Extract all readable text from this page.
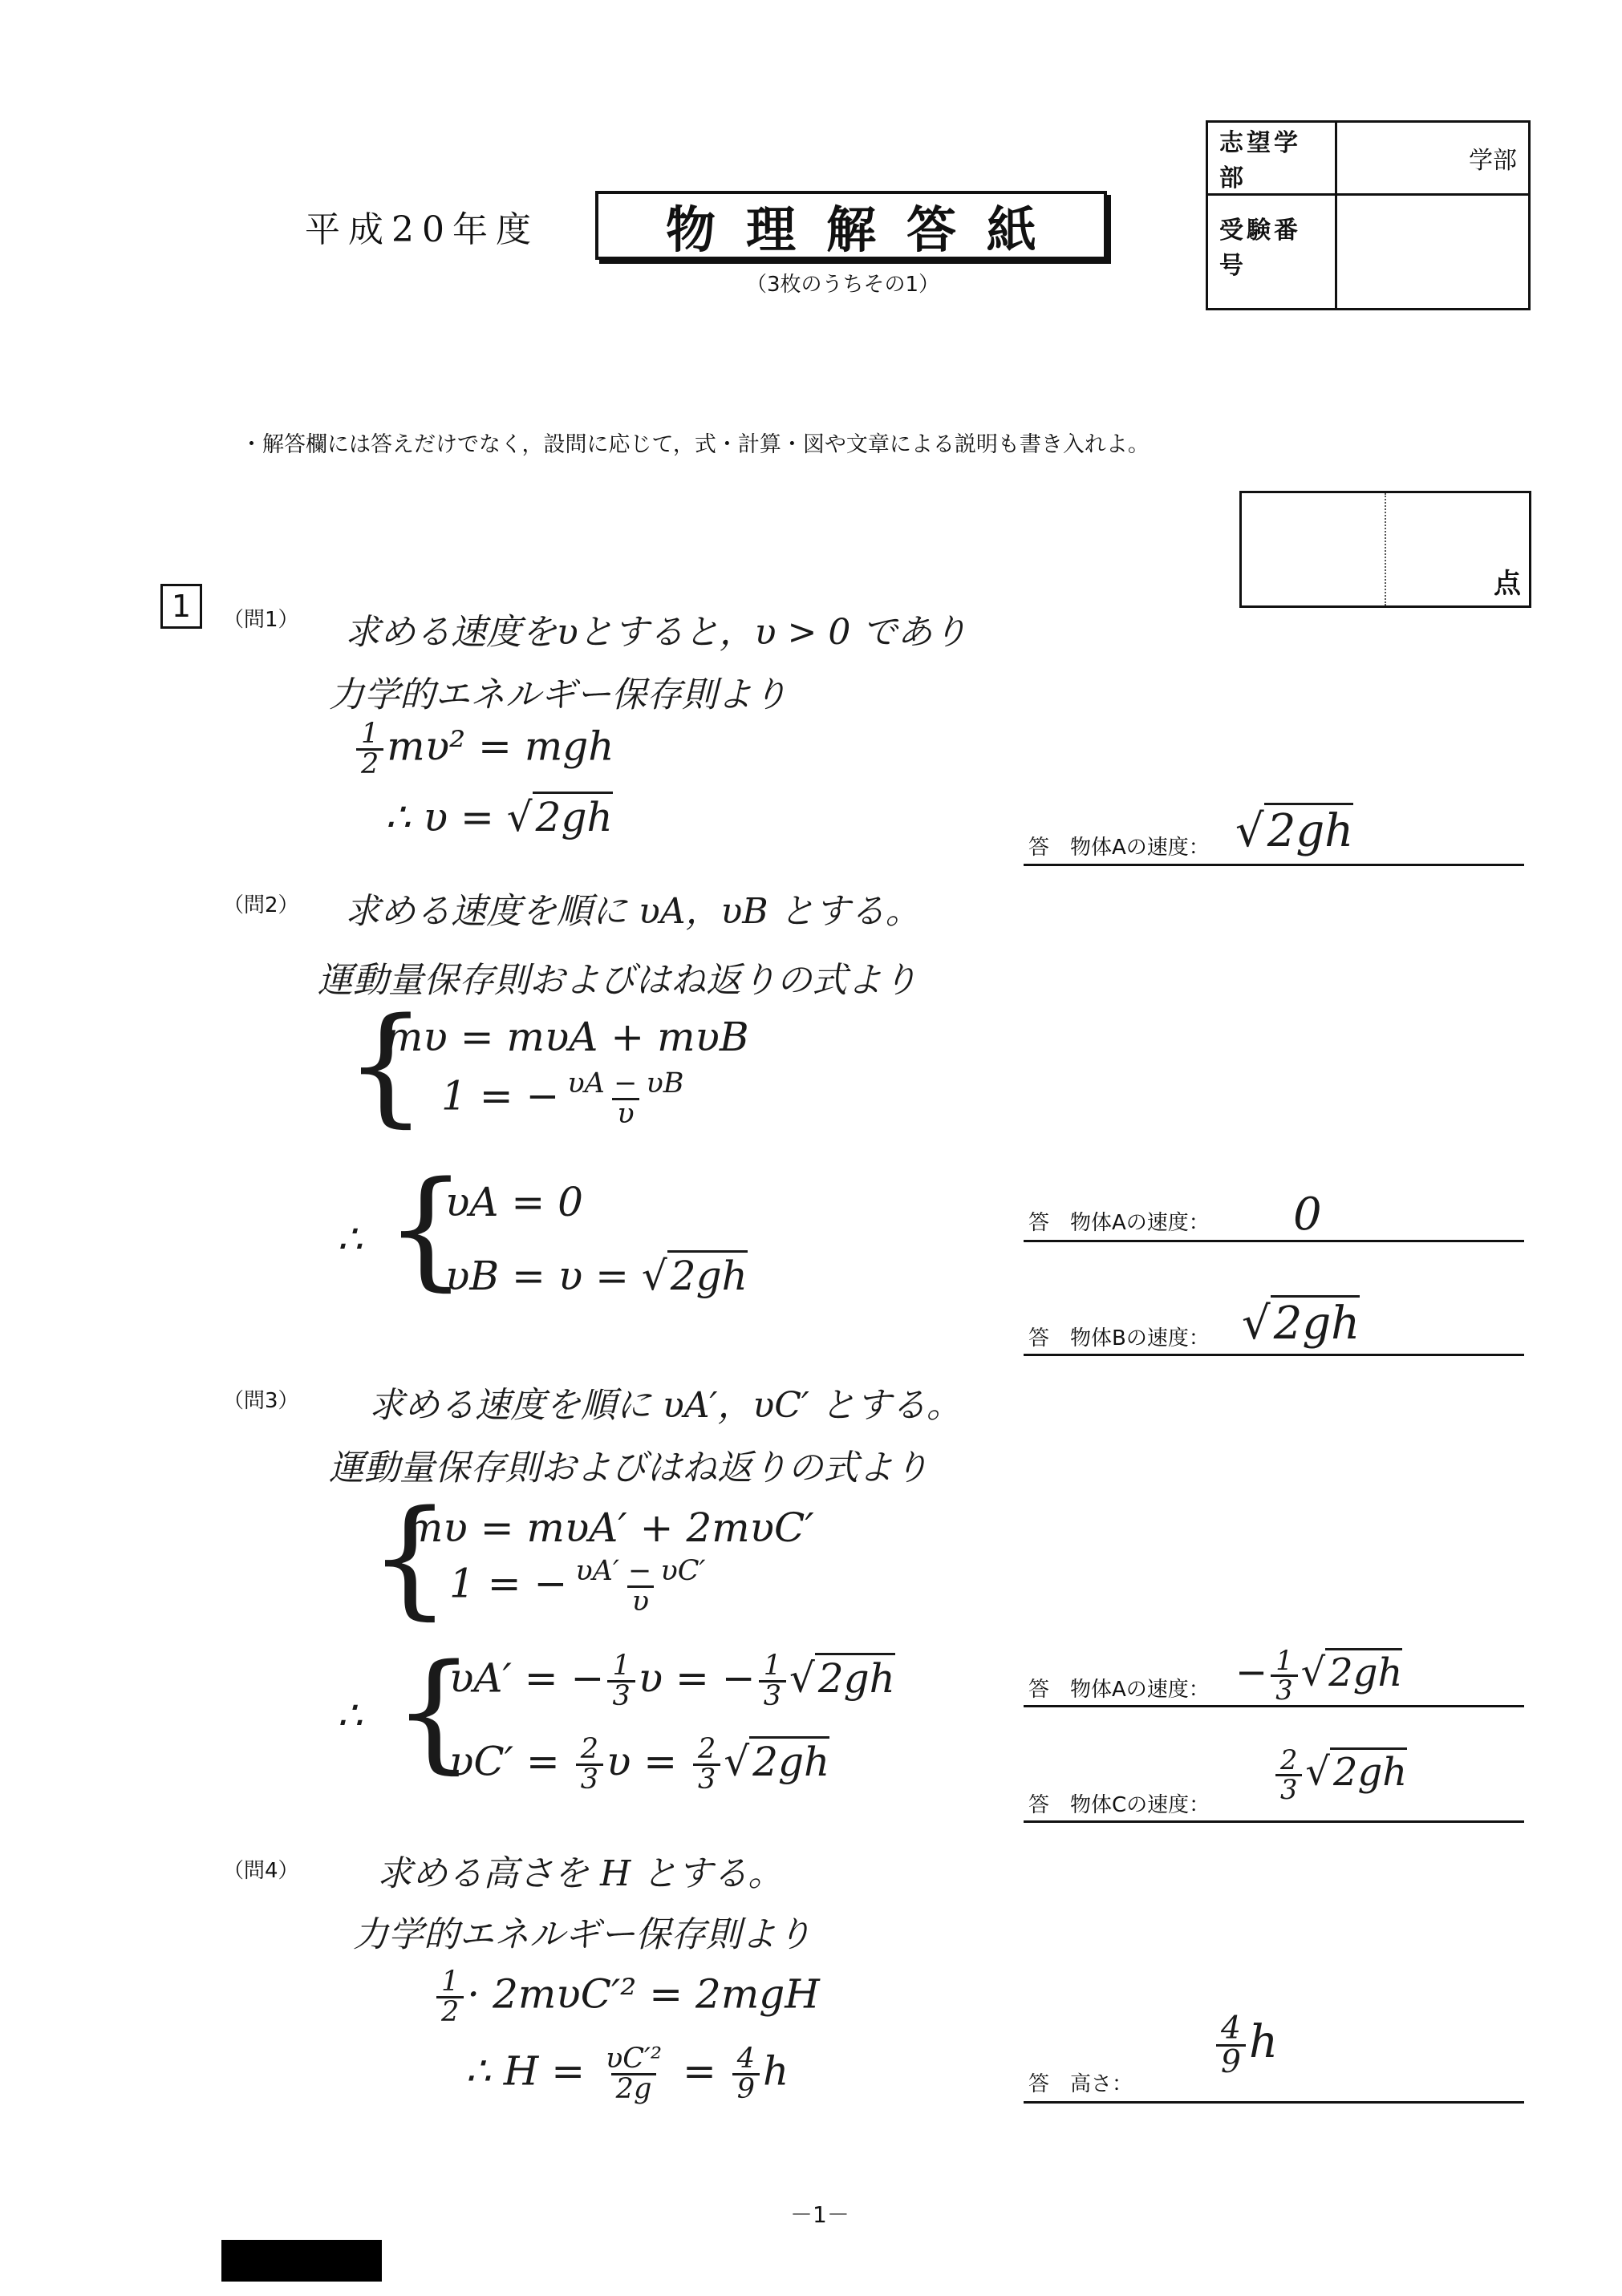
平成20年度	物理解答紙
（3枚のうちその1）
志望学部	学部
受験番号	
・解答欄には答えだけでなく，設問に応じて，式・計算・図や文章による説明も書き入れよ。
点
1	（問1） 求める速度をυとすると，υ > 0 であり
力学的エネルギー保存則より
$\frac{1}{2} m\upsilon^2$ = mgh
∴ υ = √2gh
答　物体Aの速度： √2gh
（問2） 求める速度を順に υA，υB とする。
運動量保存則およびはね返りの式より
{
mυ = mυA + mυB
1 = − $\frac{\upsilon A - \upsilon B}{\upsilon}$
∴ {
υA = 0
υB = υ = √2gh
答　物体Aの速度： 0
答　物体Bの速度： √2gh
（問3） 求める速度を順に υA′，υC′ とする。
運動量保存則およびはね返りの式より
{
mυ = mυA′ + 2mυC′
1 = − $\frac{\upsilon A' - \upsilon C'}{\upsilon}$
∴ {
υA′ = − $\frac{1}{3}$ υ = − $\frac{1}{3} √2gh$
$\upsilon C' = \frac{2}{3}$ $\upsilon = \frac{2}{3} √2gh$
答　物体Aの速度： − $\frac{1}{3} √2gh$
答　物体Cの速度：
$\frac{2}{3} √2gh$
（問4） 求める高さを H とする。
力学的エネルギー保存則より
$\frac{1}{2} \cdot 2m\upsilon C'^2 = 2mgH$
∴ $H = \frac{\text{υC′²}}{2g} = \frac{4}{9}$ h	答　高さ：
$\frac{4}{9}$ h
－1－
